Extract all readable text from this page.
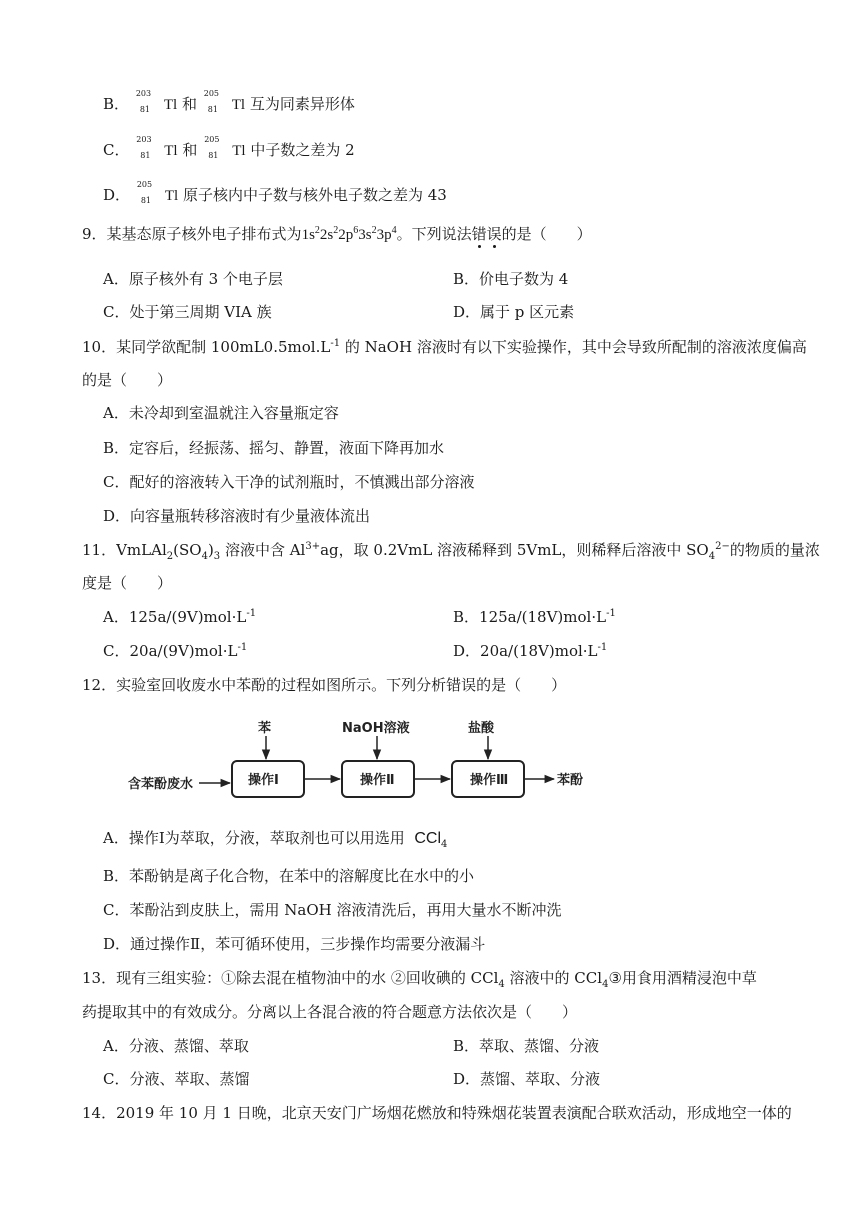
B．
203
81 Tl 和
205
81 Tl 互为同素异形体
C．
203
81 Tl 和
205
81 Tl 中子数之差为 2
D．
205
81 Tl 原子核内中子数与核外电子数之差为 43
9．某基态原子核外电子排布式为$1s^22s^22p^63s^23p^4$。下列说法错误
的是（　　）
A．原子核外有 3 个电子层	B．价电子数为 4
C．处于第三周期 VIA 族	D．属于 p 区元素
10．某同学欲配制 $100mL0.5mol.L^{-1}$ 的 NaOH 溶液时有以下实验操作，其中会导致所配制的溶液浓度偏高
的是（　　）
A．未冷却到室温就注入容量瓶定容
B．定容后，经振荡、摇匀、静置，液面下降再加水
C．配好的溶液转入干净的试剂瓶时，不慎溅出部分溶液
D．向容量瓶转移溶液时有少量液体流出
11．$VmLAl_2(SO_4)_3$ 溶液中含 $Al^{3+}ag$，取 0.2VmL 溶液稀释到 5VmL，则稀释后溶液中 $SO_4^{2-}$的物质的量浓
度是（　　）
A．$125a/(9V)mol\cdot L^{-1}$	B．$125a/(18V)mol\cdot L^{-1}$
C．$20a/(9V)mol\cdot L^{-1}$	D．$20a/(18V)mol\cdot L^{-1}$
12．实验室回收废水中苯酚的过程如图所示。下列分析错误的是（　　）
含苯酚废水	操作Ⅰ
苯
操作Ⅱ
NaOH溶液
操作Ⅲ
盐酸
苯酚
A．操作Ⅰ为萃取，分液，萃取剂也可以用选用 CCl$_4$
B．苯酚钠是离子化合物，在苯中的溶解度比在水中的小
C．苯酚沾到皮肤上，需用 NaOH 溶液清洗后，再用大量水不断冲洗
D．通过操作Ⅱ，苯可循环使用，三步操作均需要分液漏斗
13．现有三组实验：①除去混在植物油中的水 ②回收碘的 CCl$_4$ 溶液中的 CCl$_4$③用食用酒精浸泡中草
药提取其中的有效成分。分离以上各混合液的符合题意方法依次是（　　）
A．分液、蒸馏、萃取	B．萃取、蒸馏、分液
C．分液、萃取、蒸馏	D．蒸馏、萃取、分液
14．2019 年 10 月 1 日晚，北京天安门广场烟花燃放和特殊烟花装置表演配合联欢活动，形成地空一体的
